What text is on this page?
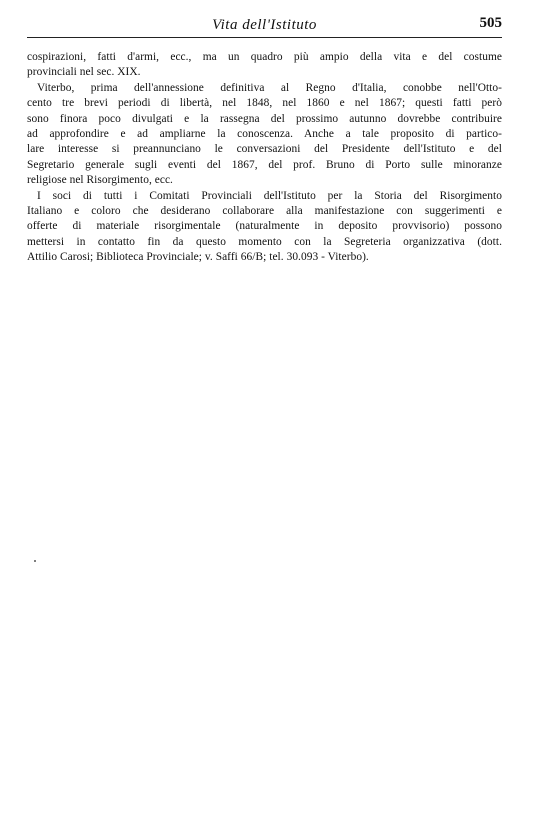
Vita dell'Istituto	505
cospirazioni, fatti d'armi, ecc., ma un quadro più ampio della vita e del costume
provinciali nel sec. XIX.
Viterbo, prima dell'annessione definitiva al Regno d'Italia, conobbe nell'Otto-
cento tre brevi periodi di libertà, nel 1848, nel 1860 e nel 1867; questi fatti però
sono finora poco divulgati e la rassegna del prossimo autunno dovrebbe contribuire
ad approfondire e ad ampliarne la conoscenza. Anche a tale proposito di partico-
lare interesse si preannunciano le conversazioni del Presidente dell'Istituto e del
Segretario generale sugli eventi del 1867, del prof. Bruno di Porto sulle minoranze
religiose nel Risorgimento, ecc.
I soci di tutti i Comitati Provinciali dell'Istituto per la Storia del Risorgimento
Italiano e coloro che desiderano collaborare alla manifestazione con suggerimenti e
offerte di materiale risorgimentale (naturalmente in deposito provvisorio) possono
mettersi in contatto fin da questo momento con la Segreteria organizzativa (dott.
Attilio Carosi; Biblioteca Provinciale; v. Saffi 66/B; tel. 30.093 - Viterbo).
